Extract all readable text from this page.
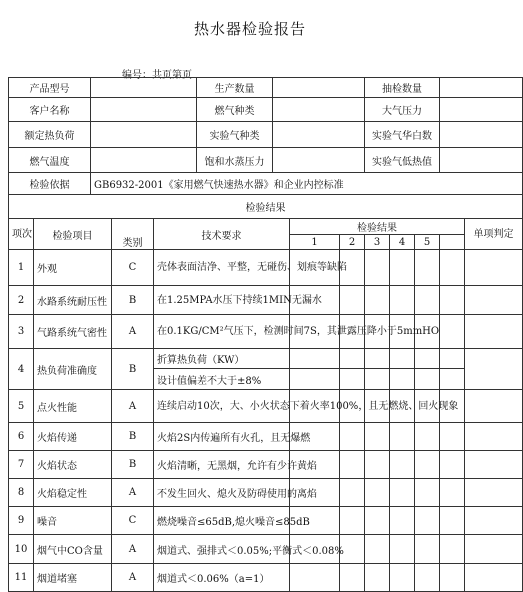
热水器检验报告
编号：共页第页
产品型号					生产数量				抽检数量				
客户名称					燃气种类				大气压力				
额定热负荷					实验气种类				实验气华白数				
燃气温度					饱和水蒸压力				实验气低热值				
检验依据		GB6932-2001《家用燃气快速热水器》和企业内控标准											
检验结果													
项次	检验项目		类别	技术要求			检验结果						单项判定
							1	2	3	4	5		
1	外观		C	壳体表面洁净、平整，无碰伤、划痕等缺陷									
2	水路系统耐压性		B	在1.25MPA水压下持续1MIN无漏水									
3	气路系统气密性		A	在0.1KG/CM²气压下，检测时间7S，其泄露压降小于5mmHO									
4	热负荷准确度		B	折算热负荷（KW）									
				设计值偏差不大于±8%									
5	点火性能		A	连续启动10次，大、小火状态下着火率100%，且无燃烧、回火现象									
6	火焰传递		B	火焰2S内传遍所有火孔，且无爆燃									
7	火焰状态		B	火焰清晰，无黑烟，允许有少许黄焰									
8	火焰稳定性		A	不发生回火、熄火及防碍使用的离焰									
9	噪音		C	燃烧噪音≤65dB,熄火噪音≤85dB									
10	烟气中CO含量		A	烟道式、强排式＜0.05%;平衡式＜0.08%									
11	烟道堵塞		A	烟道式＜0.06%（a=1）									
